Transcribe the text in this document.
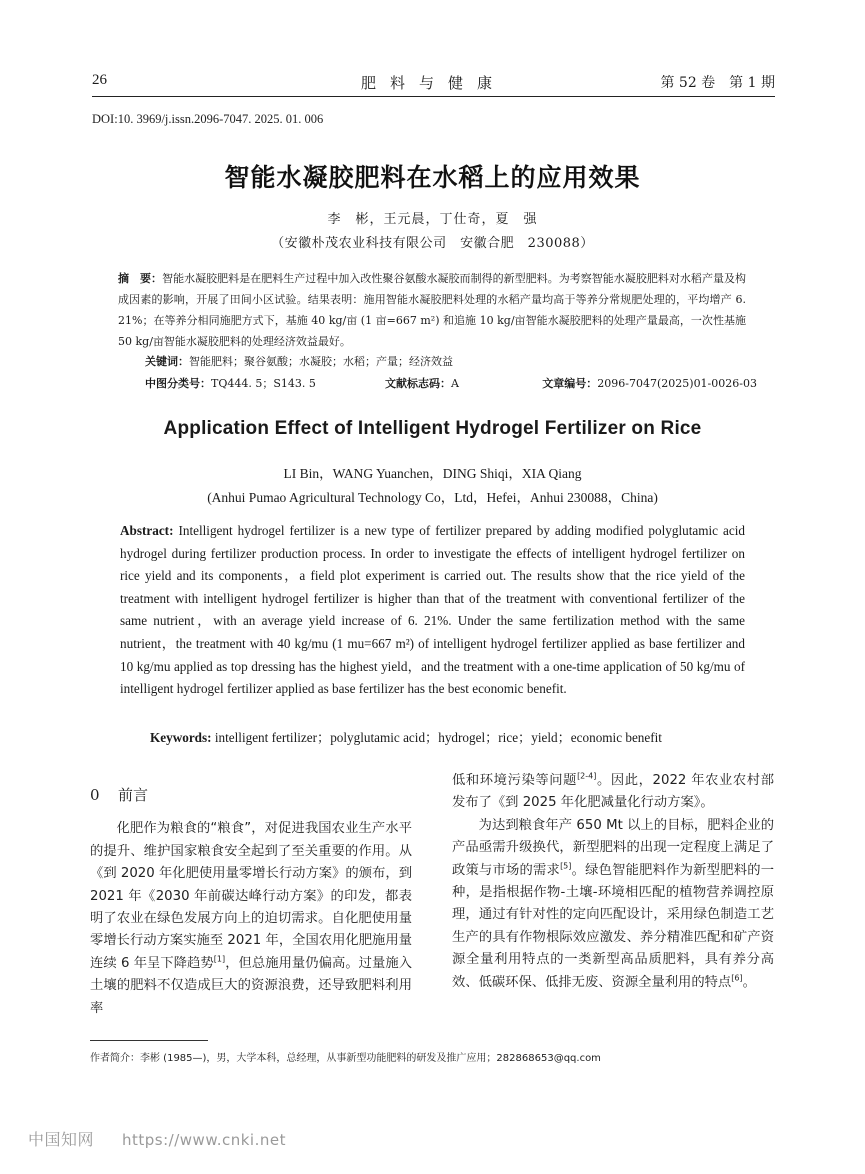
26	肥料与健康	第 52 卷　第 1 期
DOI:10. 3969/j.issn.2096-7047. 2025. 01. 006
智能水凝胶肥料在水稻上的应用效果
李　彬，王元晨，丁仕奇，夏　强
（安徽朴茂农业科技有限公司　安徽合肥　230088）
摘　要：智能水凝胶肥料是在肥料生产过程中加入改性聚谷氨酸水凝胶而制得的新型肥料。为考察智能水凝胶肥料对水稻产量及构成因素的影响，开展了田间小区试验。结果表明：施用智能水凝胶肥料处理的水稻产量均高于等养分常规肥处理的，平均增产 6. 21%；在等养分相同施肥方式下，基施 40 kg/亩 (1 亩=667 m²) 和追施 10 kg/亩智能水凝胶肥料的处理产量最高，一次性基施 50 kg/亩智能水凝胶肥料的处理经济效益最好。
关键词：智能肥料；聚谷氨酸；水凝胶；水稻；产量；经济效益
中图分类号：TQ444. 5；S143. 5	文献标志码：A	文章编号：2096-7047(2025)01-0026-03
Application Effect of Intelligent Hydrogel Fertilizer on Rice
LI Bin，WANG Yuanchen，DING Shiqi，XIA Qiang
(Anhui Pumao Agricultural Technology Co，Ltd，Hefei，Anhui 230088，China)
Abstract: Intelligent hydrogel fertilizer is a new type of fertilizer prepared by adding modified polyglutamic acid hydrogel during fertilizer production process. In order to investigate the effects of intelligent hydrogel fertilizer on rice yield and its components，a field plot experiment is carried out. The results show that the rice yield of the treatment with intelligent hydrogel fertilizer is higher than that of the treatment with conventional fertilizer of the same nutrient，with an average yield increase of 6. 21%. Under the same fertilization method with the same nutrient，the treatment with 40 kg/mu (1 mu=667 m²) of intelligent hydrogel fertilizer applied as base fertilizer and 10 kg/mu applied as top dressing has the highest yield，and the treatment with a one-time application of 50 kg/mu of intelligent hydrogel fertilizer applied as base fertilizer has the best economic benefit.
Keywords: intelligent fertilizer；polyglutamic acid；hydrogel；rice；yield；economic benefit
0 前言

化肥作为粮食的“粮食”，对促进我国农业生产水平的提升、维护国家粮食安全起到了至关重要的作用。从《到 2020 年化肥使用量零增长行动方案》的颁布，到 2021 年《2030 年前碳达峰行动方案》的印发，都表明了农业在绿色发展方向上的迫切需求。自化肥使用量零增长行动方案实施至 2021 年，全国农用化肥施用量连续 6 年呈下降趋势[1]，但总施用量仍偏高。过量施入土壤的肥料不仅造成巨大的资源浪费，还导致肥料利用率

低和环境污染等问题[2-4]。因此，2022 年农业农村部发布了《到 2025 年化肥减量化行动方案》。

为达到粮食年产 650 Mt 以上的目标，肥料企业的产品亟需升级换代，新型肥料的出现一定程度上满足了政策与市场的需求[5]。绿色智能肥料作为新型肥料的一种，是指根据作物-土壤-环境相匹配的植物营养调控原理，通过有针对性的定向匹配设计，采用绿色制造工艺生产的具有作物根际效应激发、养分精准匹配和矿产资源全量利用特点的一类新型高品质肥料，具有养分高效、低碳环保、低排无废、资源全量利用的特点[6]。

作者简介：李彬 (1985—)，男，大学本科，总经理，从事新型功能肥料的研发及推广应用；282868653@qq.com
中国知网 https://www.cnki.net
